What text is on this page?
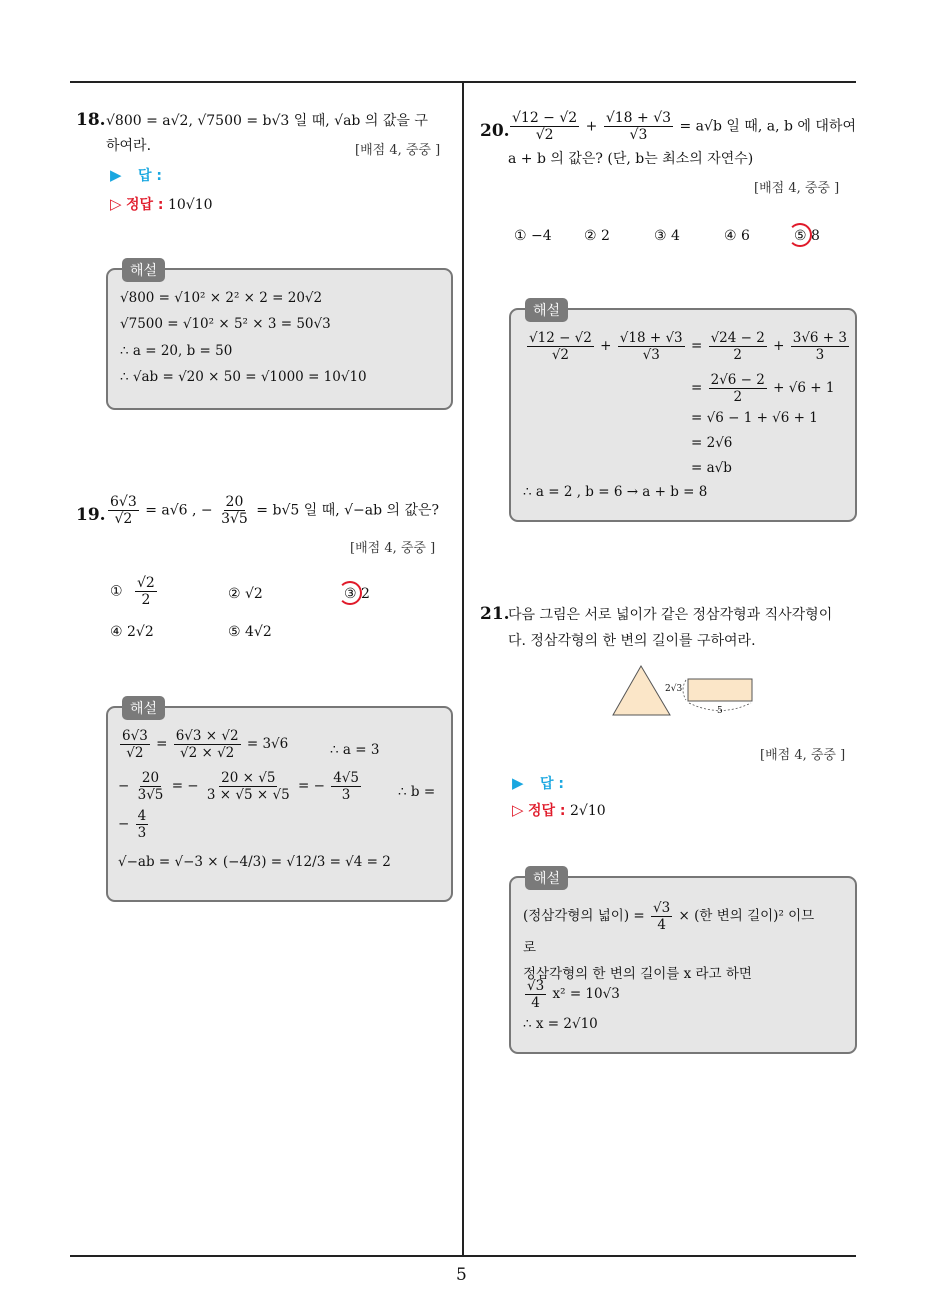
5
18. √800 = a√2, √7500 = b√3 일 때, √ab 의 값을 구
하여라.	[배점 4, 중중 ]
▶ 답 :
▷ 정답 : 10√10
해설
√800 = √10² × 2² × 2 = 20√2
√7500 = √10² × 5² × 3 = 50√3
∴ a = 20, b = 50
∴ √ab = √20 × 50 = √1000 = 10√10
19. $\frac{6√3}{√2} = a√6$ , − $\frac{20}{3√5} = b√5$ 일 때, √−ab 의 값은?
[배점 4, 중중 ]
① $\frac{√2}{2}$	② √2	③ 2
④ 2√2	⑤ 4√2
해설
$\frac{6√3}{√2} = \frac{6√3 \times √2}{√2 \times √2} = 3√6$	∴ a = 3
− $\frac{20}{3√5}$ = − $\frac{20 \times √5}{3 \times √5 \times √5}$ = − $\frac{4√5}{3}$	∴ b =
− $\frac{4}{3}$
√−ab = √−3 × (−4/3) = √12/3 = √4 = 2
20. $\frac{√12 - √2}{√2} + \frac{√18 + √3}{√3} = a√b$ 일 때, a, b 에 대하여
a + b 의 값은? (단, b는 최소의 자연수)
[배점 4, 중중 ]
① −4 ② 2	③ 4	④ 6	⑤ 8
해설
$\frac{√12 - √2}{√2} + \frac{√18 + √3}{√3} = \frac{√24 - 2}{2} + \frac{3√6 + 3}{3}$
= $\frac{2√6 - 2}{2} + √6 + 1$
= √6 − 1 + √6 + 1
= 2√6
= a√b
∴ a = 2 , b = 6 → a + b = 8
21.
다음 그림은 서로 넓이가 같은 정삼각형과 직사각형이
다. 정삼각형의 한 변의 길이를 구하여라.
2√3
5
[배점 4, 중중 ]
▶ 답 :
▷ 정답 : 2√10
해설
(정삼각형의 넓이) = $\frac{√3}{4}$ × (한 변의 길이)² 이므
로
정삼각형의 한 변의 길이를 x 라고 하면
$\frac{√3}{4} x^2 = 10√3$
∴ x = 2√10
